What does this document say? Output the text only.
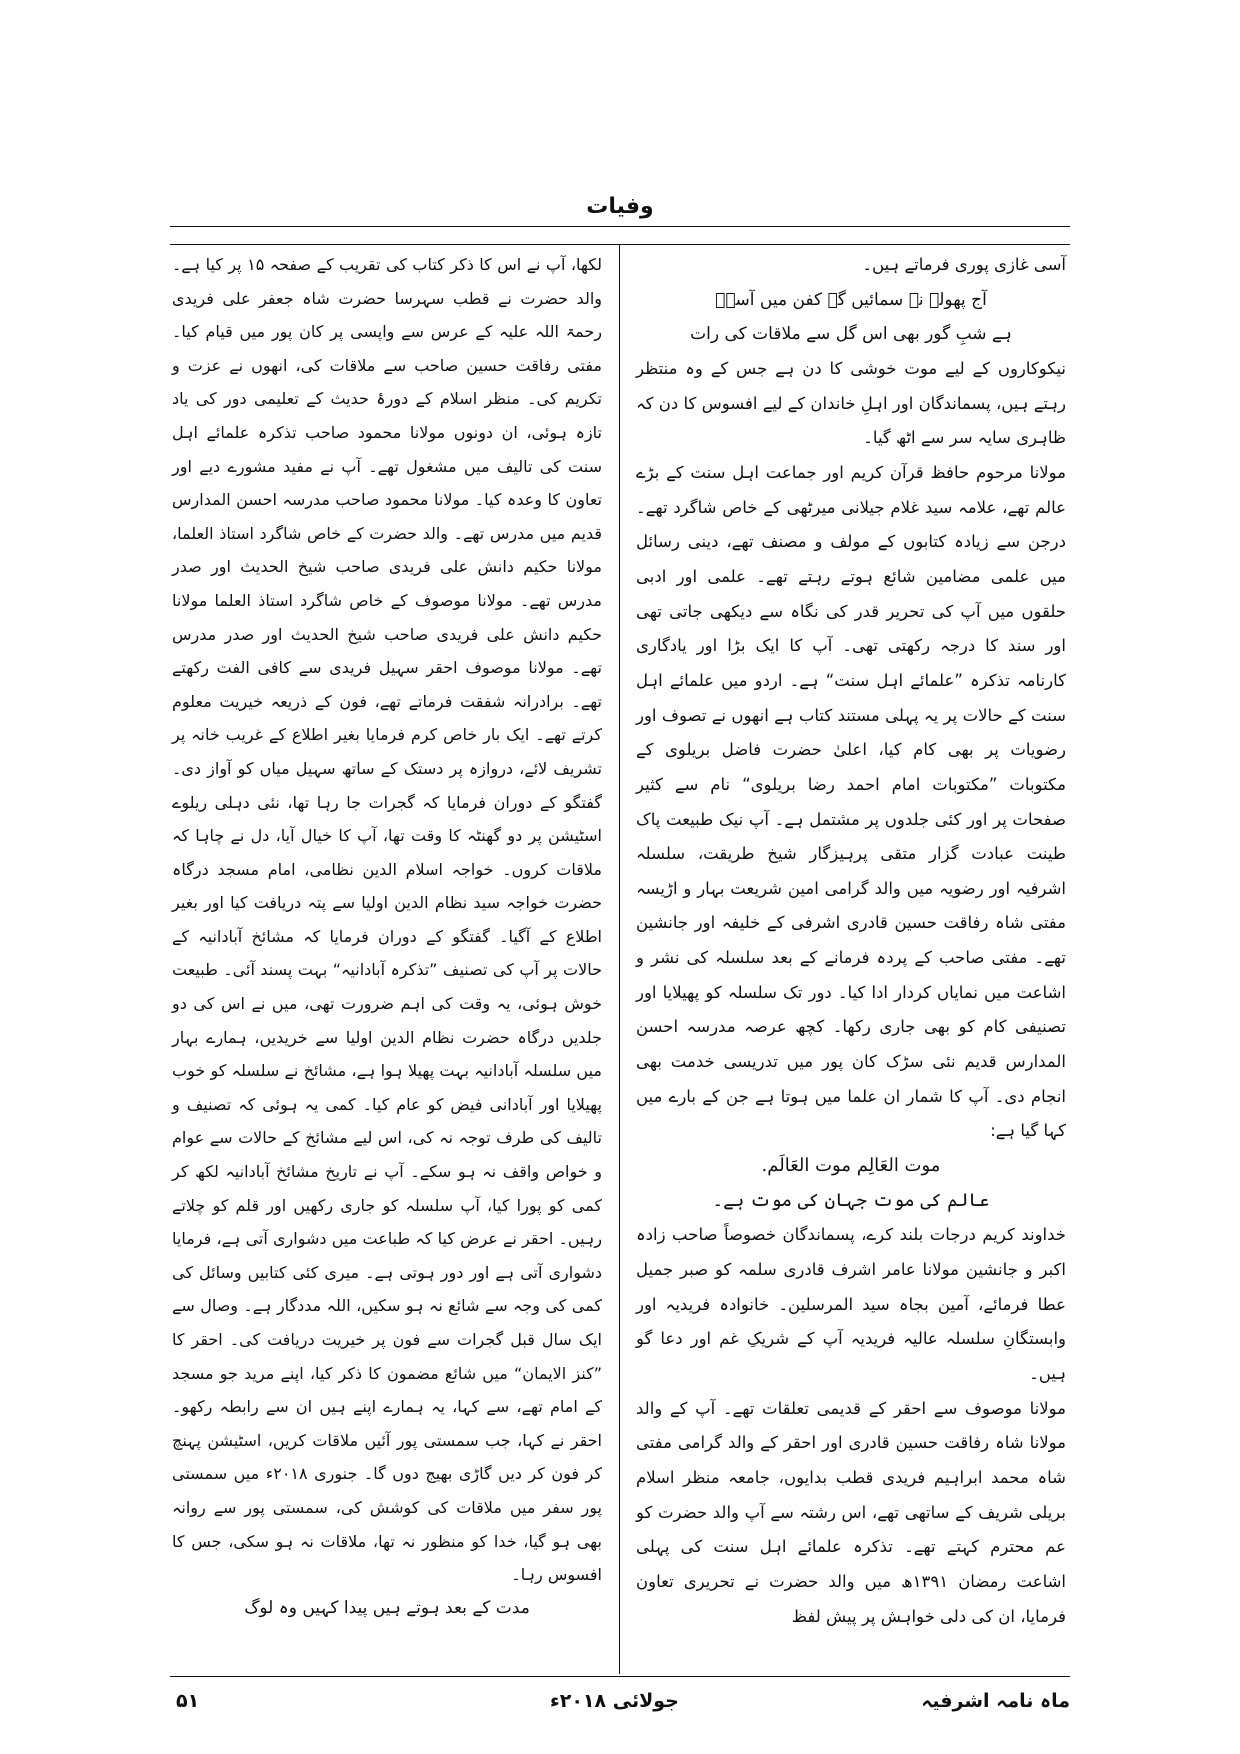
وفیات

آسی غازی پوری فرماتے ہیں۔

آج پھولے نہ سمائیں گے کفن میں آسیؔ

ہے شبِ گور بھی اس گل سے ملاقات کی رات

نیکوکاروں کے لیے موت خوشی کا دن ہے جس کے وہ منتظر رہتے ہیں، پسماندگان اور اہلِ خاندان کے لیے افسوس کا دن کہ ظاہری سایہ سر سے اٹھ گیا۔

مولانا مرحوم حافظ قرآن کریم اور جماعت اہل سنت کے بڑے عالم تھے، علامہ سید غلام جیلانی میرٹھی کے خاص شاگرد تھے۔ درجن سے زیادہ کتابوں کے مولف و مصنف تھے، دینی رسائل میں علمی مضامین شائع ہوتے رہتے تھے۔ علمی اور ادبی حلقوں میں آپ کی تحریر قدر کی نگاہ سے دیکھی جاتی تھی اور سند کا درجہ رکھتی تھی۔ آپ کا ایک بڑا اور یادگاری کارنامہ تذکرہ ”علمائے اہل سنت“ ہے۔ اردو میں علمائے اہل سنت کے حالات پر یہ پہلی مستند کتاب ہے انھوں نے تصوف اور رضویات پر بھی کام کیا، اعلیٰ حضرت فاضل بریلوی کے مکتوبات ”مکتوبات امام احمد رضا بریلوی“ نام سے کثیر صفحات پر اور کئی جلدوں پر مشتمل ہے۔ آپ نیک طبیعت پاک طینت عبادت گزار متقی پرہیزگار شیخ طریقت، سلسلہ اشرفیہ اور رضویہ میں والد گرامی امین شریعت بہار و اڑیسہ مفتی شاہ رفاقت حسین قادری اشرفی کے خلیفہ اور جانشین تھے۔ مفتی صاحب کے پردہ فرمانے کے بعد سلسلہ کی نشر و اشاعت میں نمایاں کردار ادا کیا۔ دور تک سلسلہ کو پھیلایا اور تصنیفی کام کو بھی جاری رکھا۔ کچھ عرصہ مدرسہ احسن المدارس قدیم نئی سڑک کان پور میں تدریسی خدمت بھی انجام دی۔ آپ کا شمار ان علما میں ہوتا ہے جن کے بارے میں کہا گیا ہے:

موت العَالِم موت العَالَم.

عالم کی موت جہان کی موت ہے۔

خداوند کریم درجات بلند کرے، پسماندگان خصوصاً صاحب زادہ اکبر و جانشین مولانا عامر اشرف قادری سلمہ کو صبر جمیل عطا فرمائے، آمین بجاہ سید المرسلین۔ خانوادہ فریدیہ اور وابستگانِ سلسلہ عالیہ فریدیہ آپ کے شریکِ غم اور دعا گو ہیں۔

مولانا موصوف سے احقر کے قدیمی تعلقات تھے۔ آپ کے والد مولانا شاہ رفاقت حسین قادری اور احقر کے والد گرامی مفتی شاہ محمد ابراہیم فریدی قطب بدایوں، جامعہ منظر اسلام بریلی شریف کے ساتھی تھے، اس رشتہ سے آپ والد حضرت کو عم محترم کہتے تھے۔ تذکرہ علمائے اہل سنت کی پہلی اشاعت رمضان ۱۳۹۱ھ میں والد حضرت نے تحریری تعاون فرمایا، ان کی دلی خواہش پر پیش لفظ

لکھا، آپ نے اس کا ذکر کتاب کی تقریب کے صفحہ ۱۵ پر کیا ہے۔ والد حضرت نے قطب سہرسا حضرت شاہ جعفر علی فریدی رحمۃ اللہ علیہ کے عرس سے واپسی پر کان پور میں قیام کیا۔ مفتی رفاقت حسین صاحب سے ملاقات کی، انھوں نے عزت و تکریم کی۔ منظر اسلام کے دورۂ حدیث کے تعلیمی دور کی یاد تازہ ہوئی، ان دونوں مولانا محمود صاحب تذکرہ علمائے اہل سنت کی تالیف میں مشغول تھے۔ آپ نے مفید مشورے دیے اور تعاون کا وعدہ کیا۔ مولانا محمود صاحب مدرسہ احسن المدارس قدیم میں مدرس تھے۔ والد حضرت کے خاص شاگرد استاذ العلما، مولانا حکیم دانش علی فریدی صاحب شیخ الحدیث اور صدر مدرس تھے۔ مولانا موصوف کے خاص شاگرد استاذ العلما مولانا حکیم دانش علی فریدی صاحب شیخ الحدیث اور صدر مدرس تھے۔ مولانا موصوف احقر سہیل فریدی سے کافی الفت رکھتے تھے۔ برادرانہ شفقت فرماتے تھے، فون کے ذریعہ خیریت معلوم کرتے تھے۔ ایک بار خاص کرم فرمایا بغیر اطلاع کے غریب خانہ پر تشریف لائے، دروازہ پر دستک کے ساتھ سہیل میاں کو آواز دی۔ گفتگو کے دوران فرمایا کہ گجرات جا رہا تھا، نئی دہلی ریلوے اسٹیشن پر دو گھنٹہ کا وقت تھا، آپ کا خیال آیا، دل نے چاہا کہ ملاقات کروں۔ خواجہ اسلام الدین نظامی، امام مسجد درگاہ حضرت خواجہ سید نظام الدین اولیا سے پتہ دریافت کیا اور بغیر اطلاع کے آگیا۔ گفتگو کے دوران فرمایا کہ مشائخ آبادانیہ کے حالات پر آپ کی تصنیف ”تذکرہ آبادانیہ“ بہت پسند آئی۔ طبیعت خوش ہوئی، یہ وقت کی اہم ضرورت تھی، میں نے اس کی دو جلدیں درگاہ حضرت نظام الدین اولیا سے خریدیں، ہمارے بہار میں سلسلہ آبادانیہ بہت پھیلا ہوا ہے، مشائخ نے سلسلہ کو خوب پھیلایا اور آبادانی فیض کو عام کیا۔ کمی یہ ہوئی کہ تصنیف و تالیف کی طرف توجہ نہ کی، اس لیے مشائخ کے حالات سے عوام و خواص واقف نہ ہو سکے۔ آپ نے تاریخ مشائخ آبادانیہ لکھ کر کمی کو پورا کیا، آپ سلسلہ کو جاری رکھیں اور قلم کو چلاتے رہیں۔ احقر نے عرض کیا کہ طباعت میں دشواری آتی ہے، فرمایا دشواری آتی ہے اور دور ہوتی ہے۔ میری کئی کتابیں وسائل کی کمی کی وجہ سے شائع نہ ہو سکیں، اللہ مددگار ہے۔ وصال سے ایک سال قبل گجرات سے فون پر خیریت دریافت کی۔ احقر کا ”کنز الایمان“ میں شائع مضمون کا ذکر کیا، اپنے مرید جو مسجد کے امام تھے، سے کہا، یہ ہمارے اپنے ہیں ان سے رابطہ رکھو۔ احقر نے کہا، جب سمستی پور آئیں ملاقات کریں، اسٹیشن پہنچ کر فون کر دیں گاڑی بھیج دوں گا۔ جنوری ۲۰۱۸ء میں سمستی پور سفر میں ملاقات کی کوشش کی، سمستی پور سے روانہ بھی ہو گیا، خدا کو منظور نہ تھا، ملاقات نہ ہو سکی، جس کا افسوس رہا۔

مدت کے بعد ہوتے ہیں پیدا کہیں وہ لوگ

ماہ نامہ اشرفیہ
جولائی ۲۰۱۸ء
۵۱
